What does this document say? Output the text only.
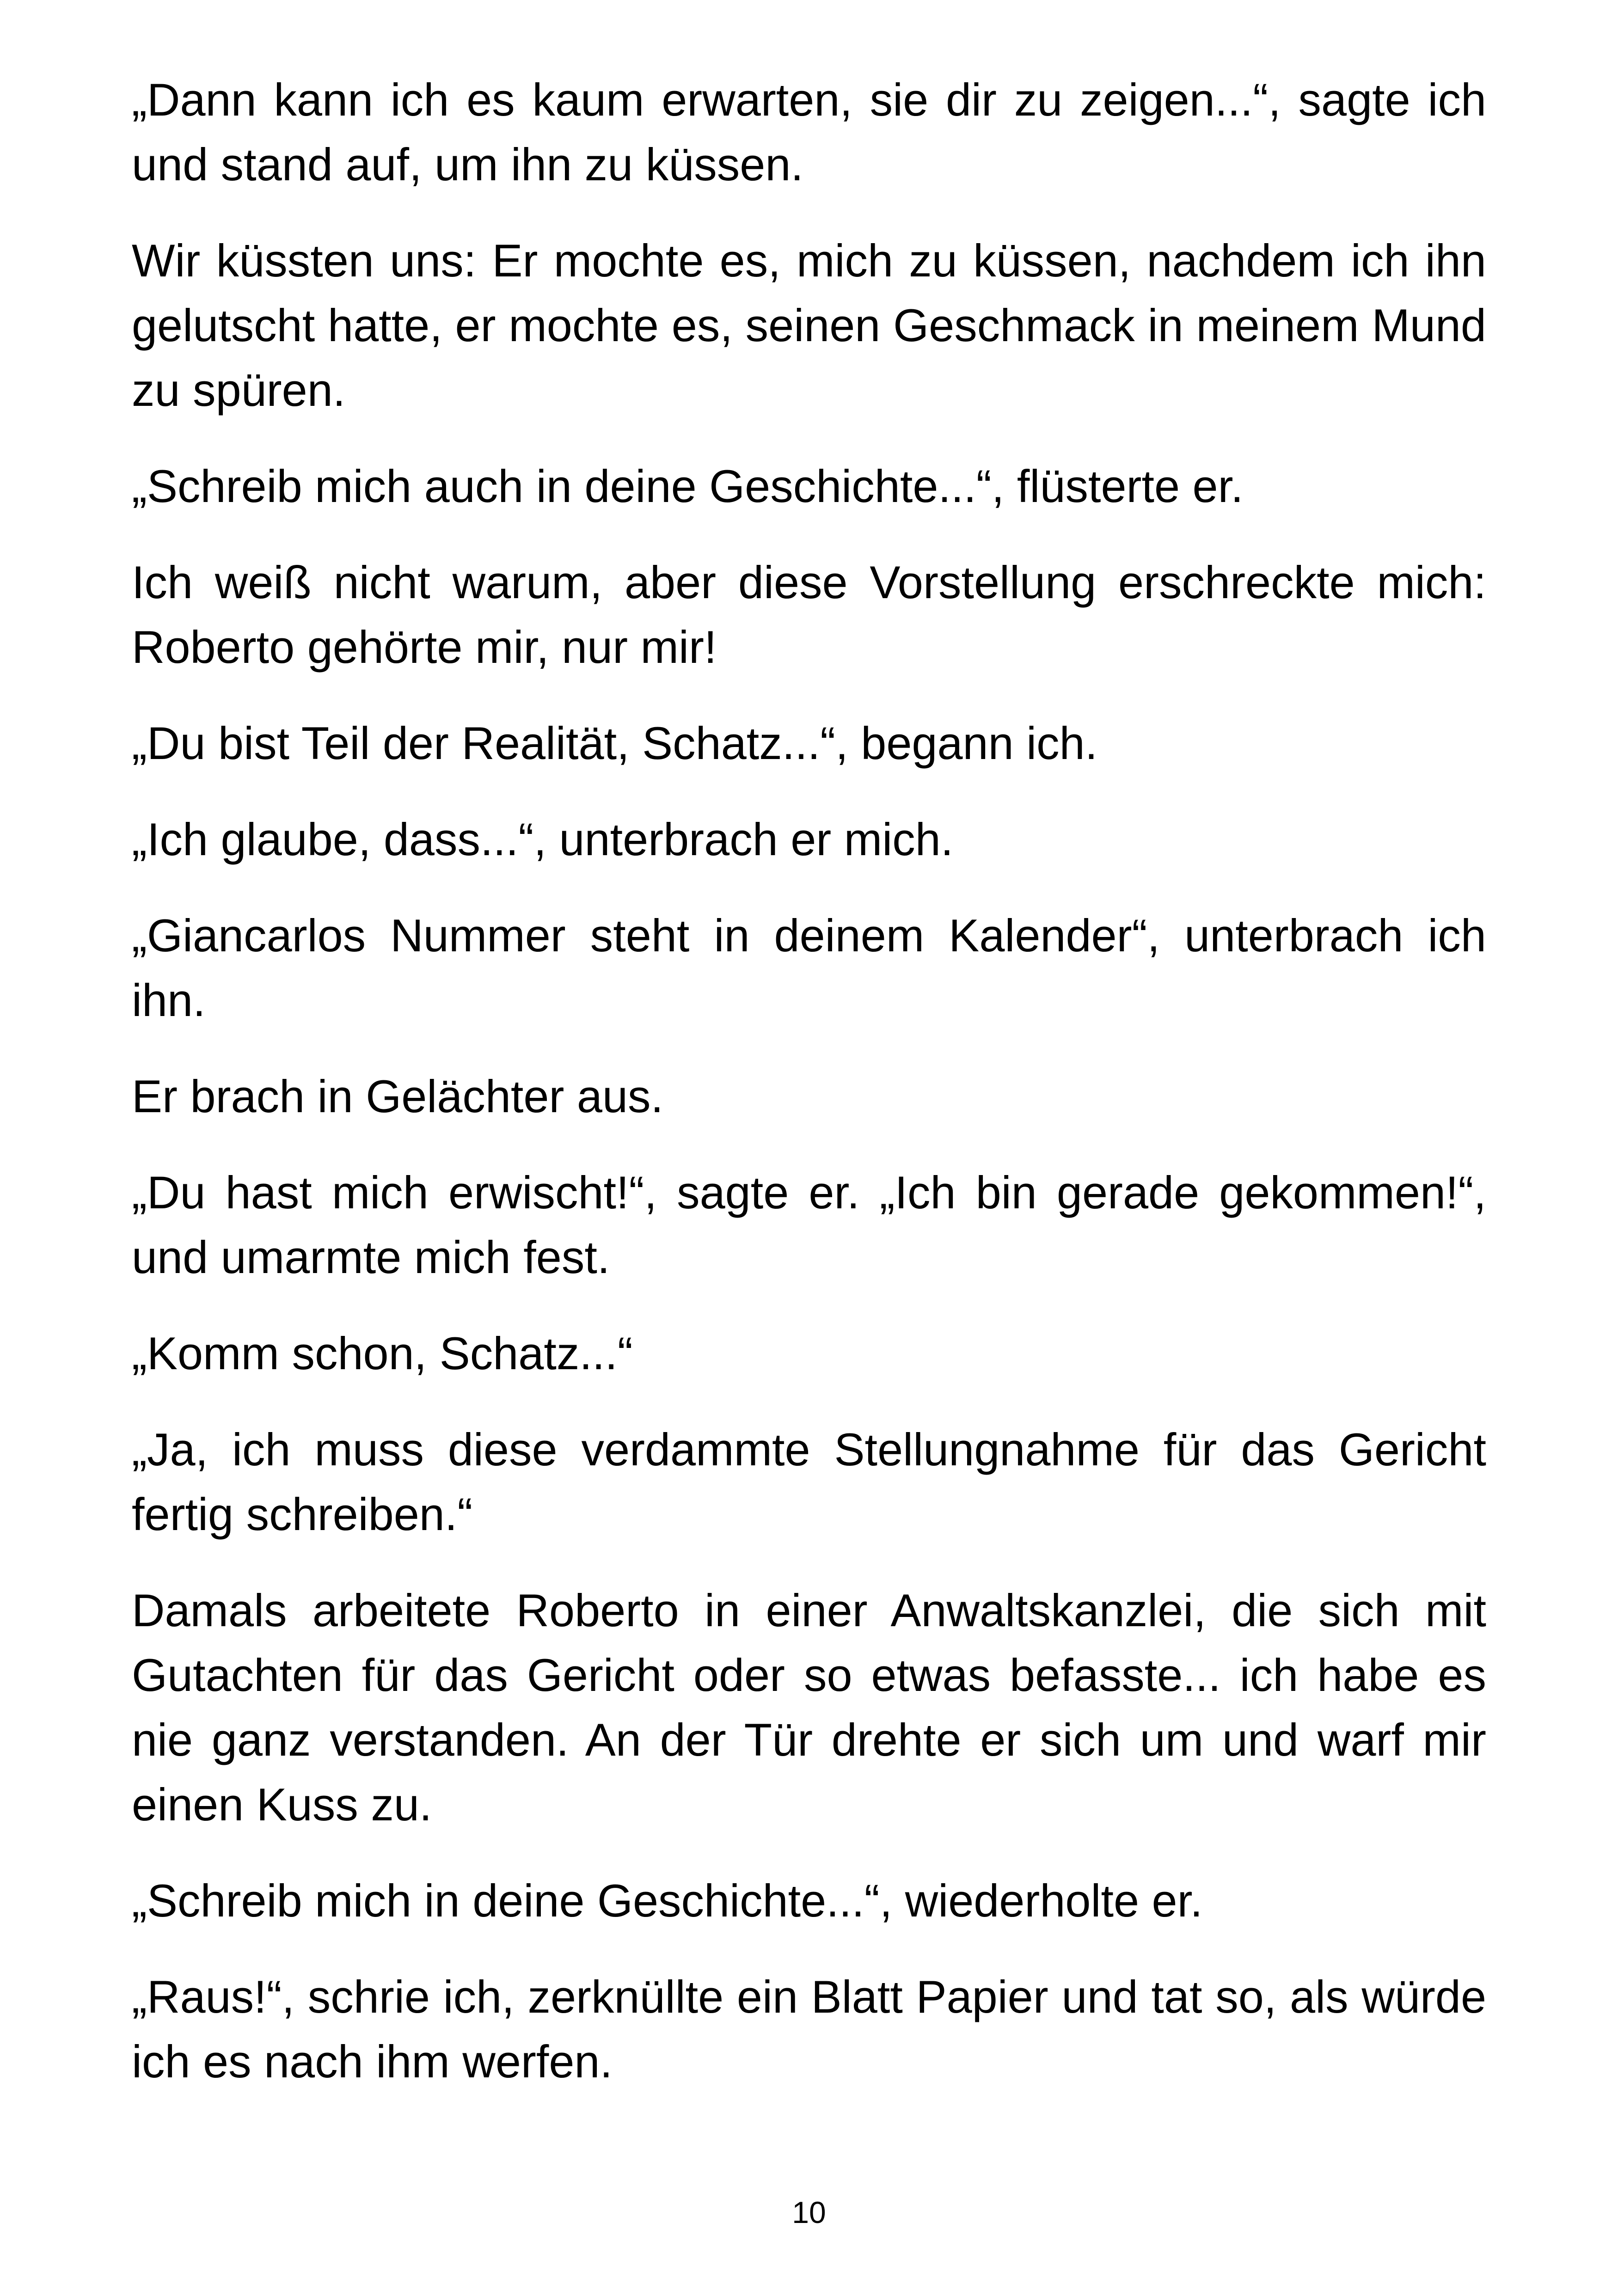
„Dann kann ich es kaum erwarten, sie dir zu zeigen...“, sagte ich und stand auf, um ihn zu küssen.

Wir küssten uns: Er mochte es, mich zu küssen, nachdem ich ihn gelutscht hatte, er mochte es, seinen Geschmack in meinem Mund zu spüren.

„Schreib mich auch in deine Geschichte...“, flüsterte er.

Ich weiß nicht warum, aber diese Vorstellung erschreckte mich: Roberto gehörte mir, nur mir!

„Du bist Teil der Realität, Schatz...“, begann ich.

„Ich glaube, dass...“, unterbrach er mich.

„Giancarlos Nummer steht in deinem Kalender“, unterbrach ich ihn.

Er brach in Gelächter aus.

„Du hast mich erwischt!“, sagte er. „Ich bin gerade gekommen!“, und umarmte mich fest.

„Komm schon, Schatz...“

„Ja, ich muss diese verdammte Stellungnahme für das Gericht fertig schreiben.“

Damals arbeitete Roberto in einer Anwaltskanzlei, die sich mit Gutachten für das Gericht oder so etwas befasste... ich habe es nie ganz verstanden. An der Tür drehte er sich um und warf mir einen Kuss zu.

„Schreib mich in deine Geschichte...“, wiederholte er.

„Raus!“, schrie ich, zerknüllte ein Blatt Papier und tat so, als würde ich es nach ihm werfen.

10
